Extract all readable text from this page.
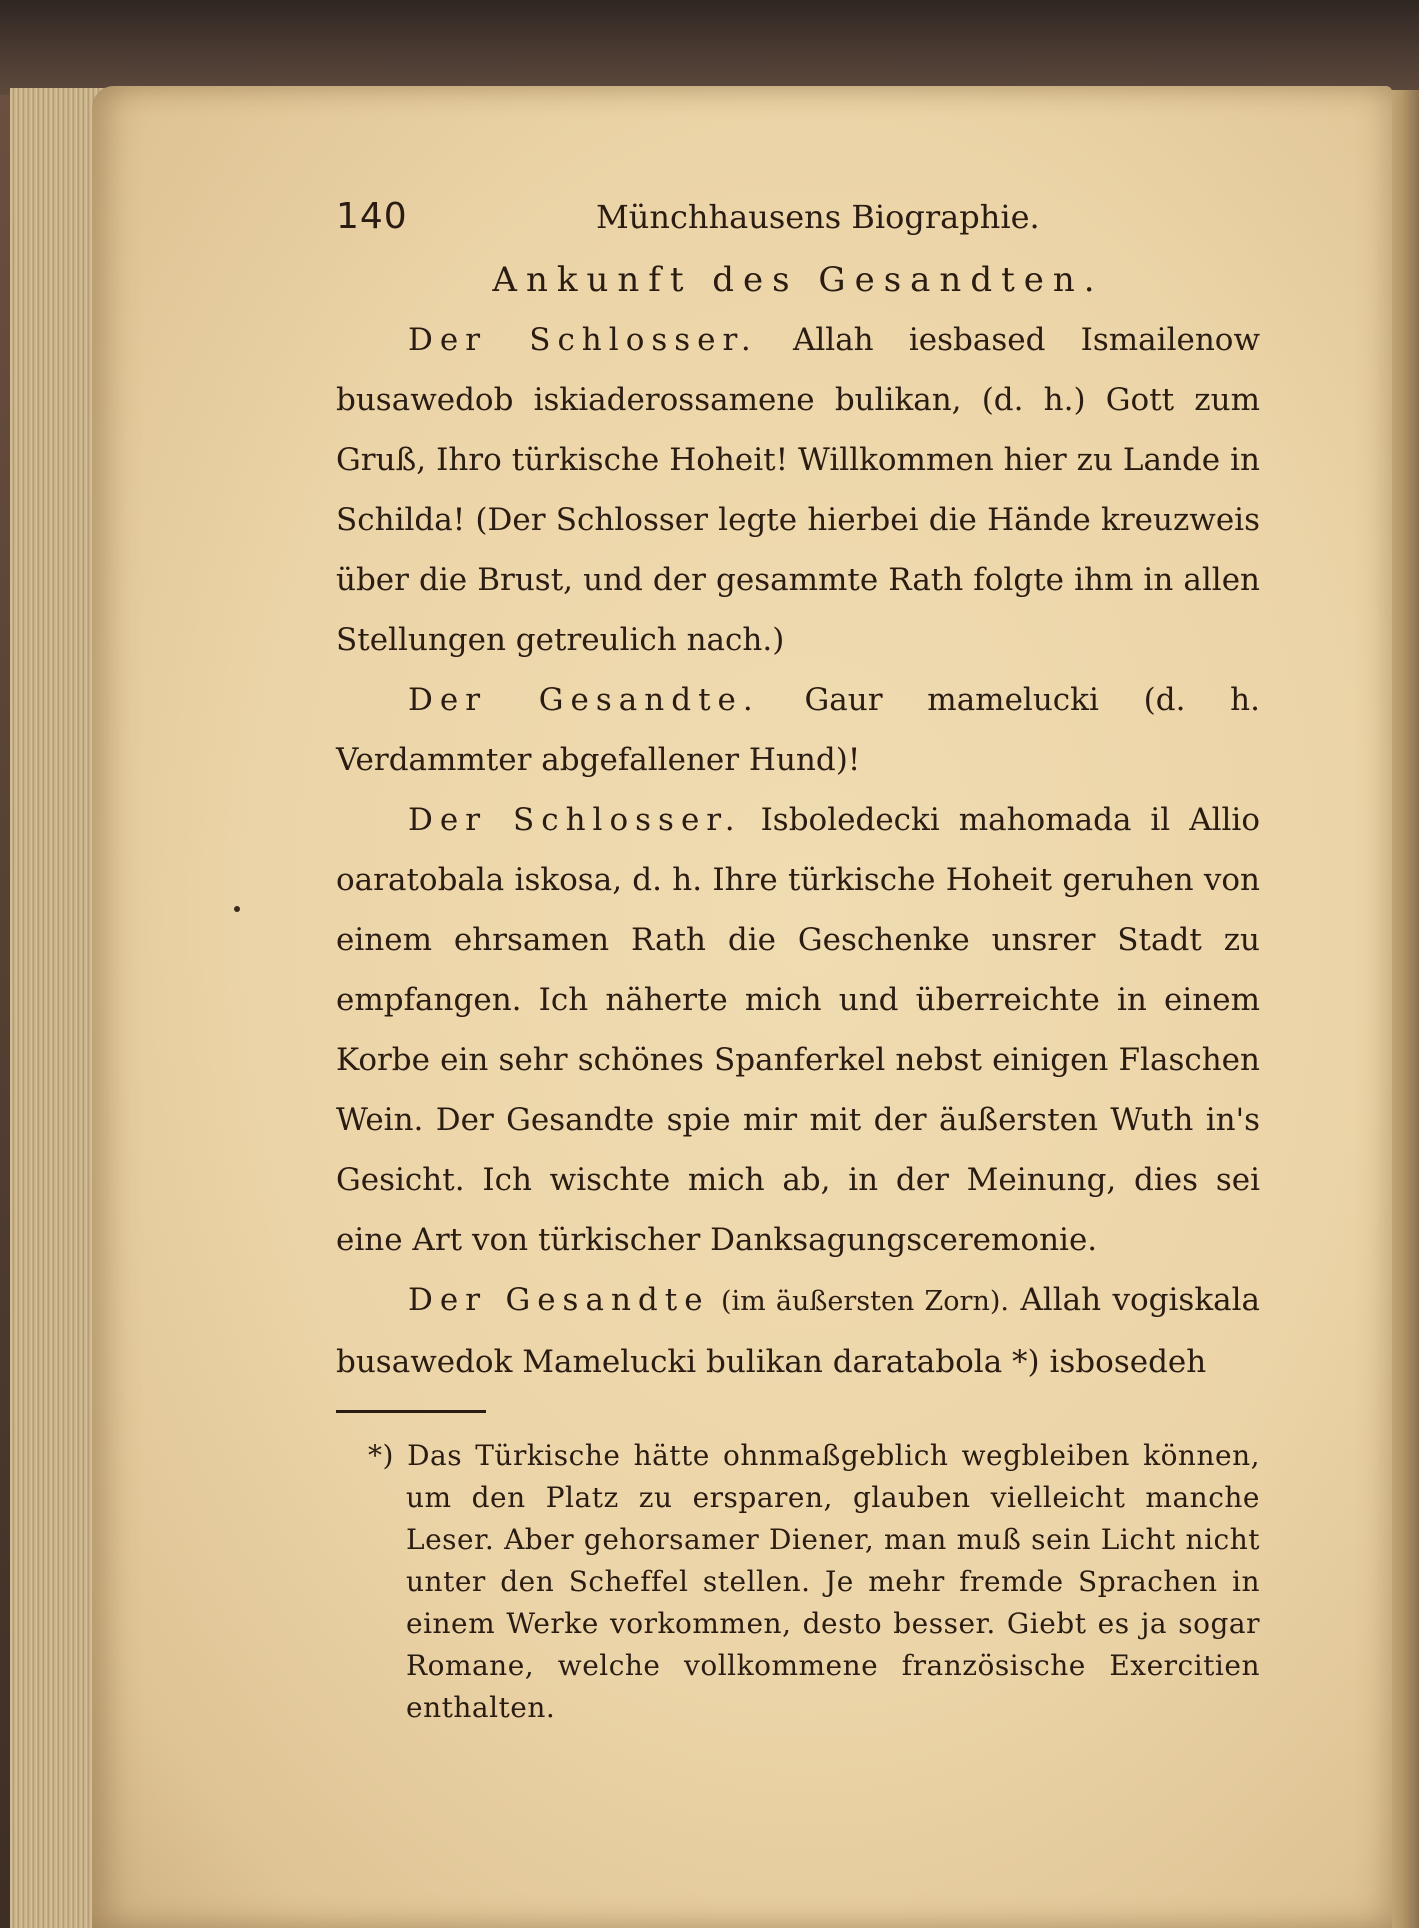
140	Münchhausens Biographie.
Ankunft des Gesandten.

Der Schlosser. Allah iesbased Ismailenow busawedob iskiaderossamene bulikan, (d. h.) Gott zum Gruß, Ihro türkische Hoheit! Willkommen hier zu Lande in Schilda! (Der Schlosser legte hierbei die Hände kreuzweis über die Brust, und der gesammte Rath folgte ihm in allen Stellungen getreulich nach.)

Der Gesandte. Gaur mamelucki (d. h. Verdammter abgefallener Hund)!

Der Schlosser. Isboledecki mahomada il Allio oaratobala iskosa, d. h. Ihre türkische Hoheit geruhen von einem ehrsamen Rath die Geschenke unsrer Stadt zu empfangen. Ich näherte mich und überreichte in einem Korbe ein sehr schönes Spanferkel nebst einigen Flaschen Wein. Der Gesandte spie mir mit der äußersten Wuth in's Gesicht. Ich wischte mich ab, in der Meinung, dies sei eine Art von türkischer Danksagungsceremonie.

Der Gesandte (im äußersten Zorn). Allah vogiskala busawedok Mamelucki bulikan daratabola *) isbosedeh

*) Das Türkische hätte ohnmaßgeblich wegbleiben können, um den Platz zu ersparen, glauben vielleicht manche Leser. Aber gehorsamer Diener, man muß sein Licht nicht unter den Scheffel stellen. Je mehr fremde Sprachen in einem Werke vorkommen, desto besser. Giebt es ja sogar Romane, welche vollkommene französische Exercitien enthalten.
